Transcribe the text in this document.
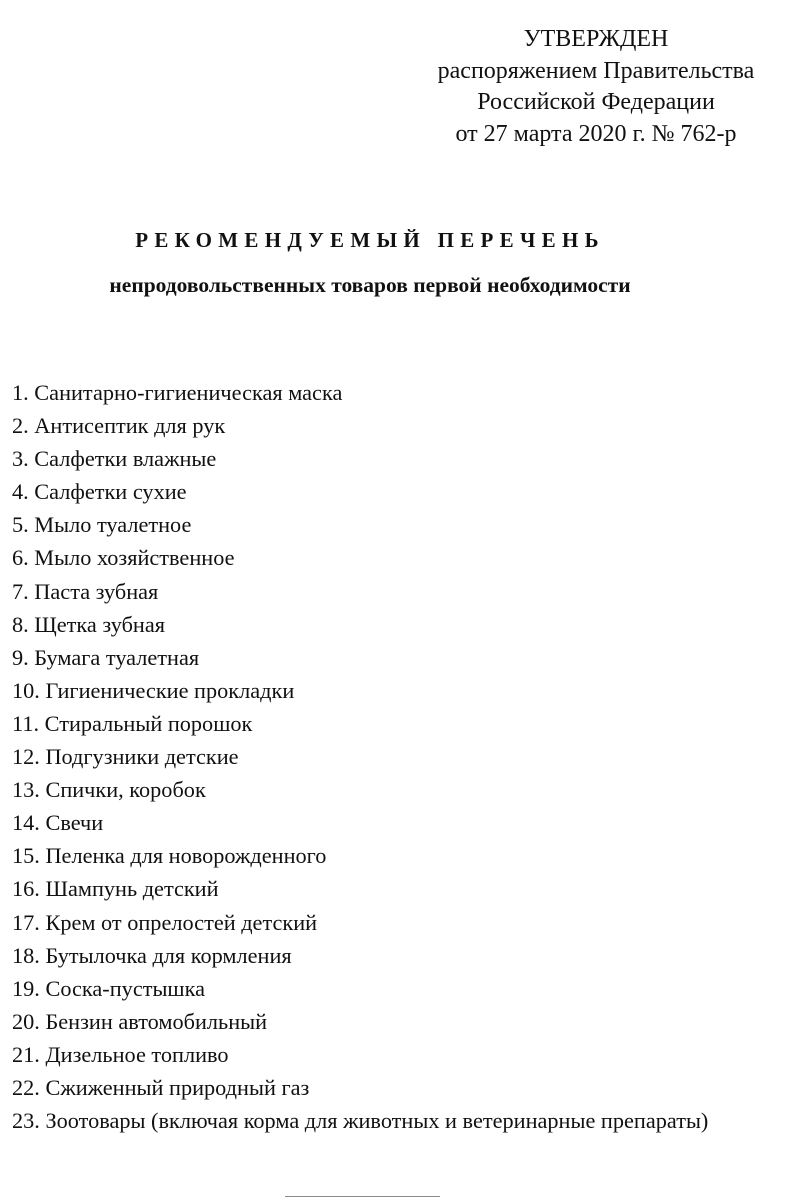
УТВЕРЖДЕН
распоряжением Правительства
Российской Федерации
от 27 марта 2020 г. № 762-р
РЕКОМЕНДУЕМЫЙ ПЕРЕЧЕНЬ
непродовольственных товаров первой необходимости
1. Санитарно-гигиеническая маска
2. Антисептик для рук
3. Салфетки влажные
4. Салфетки сухие
5. Мыло туалетное
6. Мыло хозяйственное
7. Паста зубная
8. Щетка зубная
9. Бумага туалетная
10. Гигиенические прокладки
11. Стиральный порошок
12. Подгузники детские
13. Спички, коробок
14. Свечи
15. Пеленка для новорожденного
16. Шампунь детский
17. Крем от опрелостей детский
18. Бутылочка для кормления
19. Соска-пустышка
20. Бензин автомобильный
21. Дизельное топливо
22. Сжиженный природный газ
23. Зоотовары (включая корма для животных и ветеринарные препараты)
